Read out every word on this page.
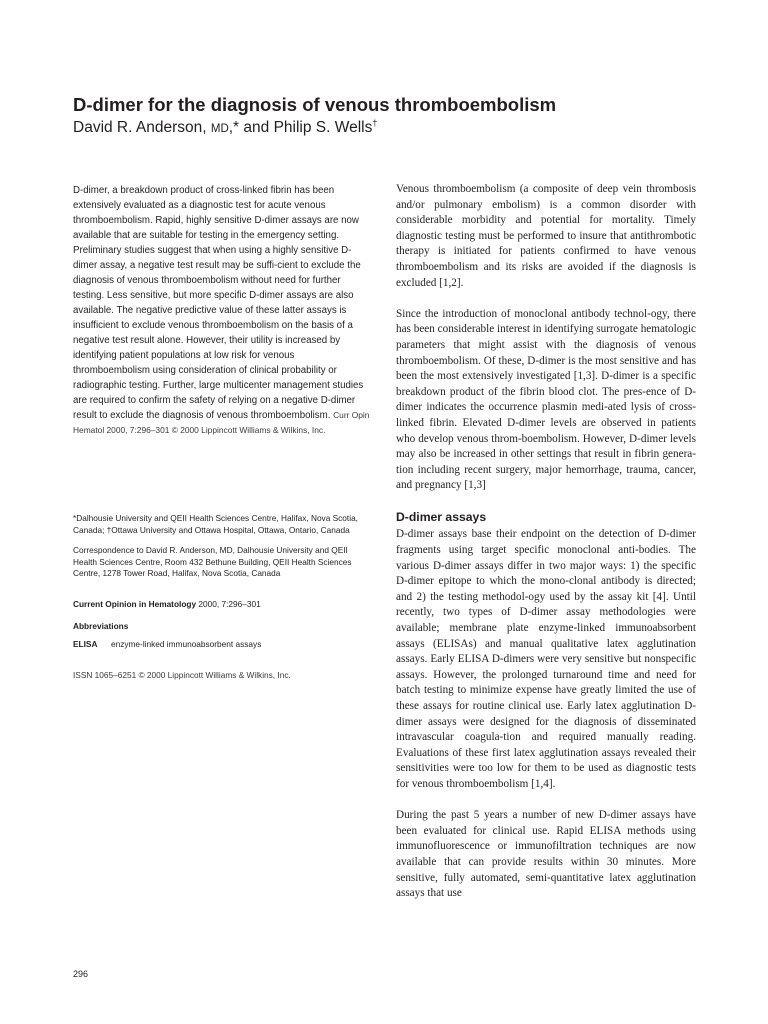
D-dimer for the diagnosis of venous thromboembolism
David R. Anderson, MD,* and Philip S. Wells†

D-dimer, a breakdown product of cross-linked fibrin has been extensively evaluated as a diagnostic test for acute venous thromboembolism. Rapid, highly sensitive D-dimer assays are now available that are suitable for testing in the emergency setting. Preliminary studies suggest that when using a highly sensitive D-dimer assay, a negative test result may be suffi-cient to exclude the diagnosis of venous thromboembolism without need for further testing. Less sensitive, but more specific D-dimer assays are also available. The negative predictive value of these latter assays is insufficient to exclude venous thromboembolism on the basis of a negative test result alone. However, their utility is increased by identifying patient populations at low risk for venous thromboembolism using consideration of clinical probability or radiographic testing. Further, large multicenter management studies are required to confirm the safety of relying on a negative D-dimer result to exclude the diagnosis of venous thromboembolism. Curr Opin Hematol 2000, 7:296–301 © 2000 Lippincott Williams & Wilkins, Inc.

*Dalhousie University and QEII Health Sciences Centre, Halifax, Nova Scotia, Canada; †Ottawa University and Ottawa Hospital, Ottawa, Ontario, Canada

Correspondence to David R. Anderson, MD, Dalhousie University and QEII Health Sciences Centre, Room 432 Bethune Building, QEII Health Sciences Centre, 1278 Tower Road, Halifax, Nova Scotia, Canada

Current Opinion in Hematology 2000, 7:296–301
Abbreviations
ELISA enzyme-linked immunoabsorbent assays
ISSN 1065–6251 © 2000 Lippincott Williams & Wilkins, Inc.

Venous thromboembolism (a composite of deep vein thrombosis and/or pulmonary embolism) is a common disorder with considerable morbidity and potential for mortality. Timely diagnostic testing must be performed to insure that antithrombotic therapy is initiated for patients confirmed to have venous thromboembolism and its risks are avoided if the diagnosis is excluded [1,2].

Since the introduction of monoclonal antibody technol-ogy, there has been considerable interest in identifying surrogate hematologic parameters that might assist with the diagnosis of venous thromboembolism. Of these, D-dimer is the most sensitive and has been the most extensively investigated [1,3]. D-dimer is a specific breakdown product of the fibrin blood clot. The pres-ence of D-dimer indicates the occurrence plasmin medi-ated lysis of cross-linked fibrin. Elevated D-dimer levels are observed in patients who develop venous throm-boembolism. However, D-dimer levels may also be increased in other settings that result in fibrin genera-tion including recent surgery, major hemorrhage, trauma, cancer, and pregnancy [1,3]

D-dimer assays

D-dimer assays base their endpoint on the detection of D-dimer fragments using target specific monoclonal anti-bodies. The various D-dimer assays differ in two major ways: 1) the specific D-dimer epitope to which the mono-clonal antibody is directed; and 2) the testing methodol-ogy used by the assay kit [4]. Until recently, two types of D-dimer assay methodologies were available; membrane plate enzyme-linked immunoabsorbent assays (ELISAs) and manual qualitative latex agglutination assays. Early ELISA D-dimers were very sensitive but nonspecific assays. However, the prolonged turnaround time and need for batch testing to minimize expense have greatly limited the use of these assays for routine clinical use. Early latex agglutination D-dimer assays were designed for the diagnosis of disseminated intravascular coagula-tion and required manually reading. Evaluations of these first latex agglutination assays revealed their sensitivities were too low for them to be used as diagnostic tests for venous thromboembolism [1,4].

During the past 5 years a number of new D-dimer assays have been evaluated for clinical use. Rapid ELISA methods using immunofluorescence or immunofiltration techniques are now available that can provide results within 30 minutes. More sensitive, fully automated, semi-quantitative latex agglutination assays that use

296
